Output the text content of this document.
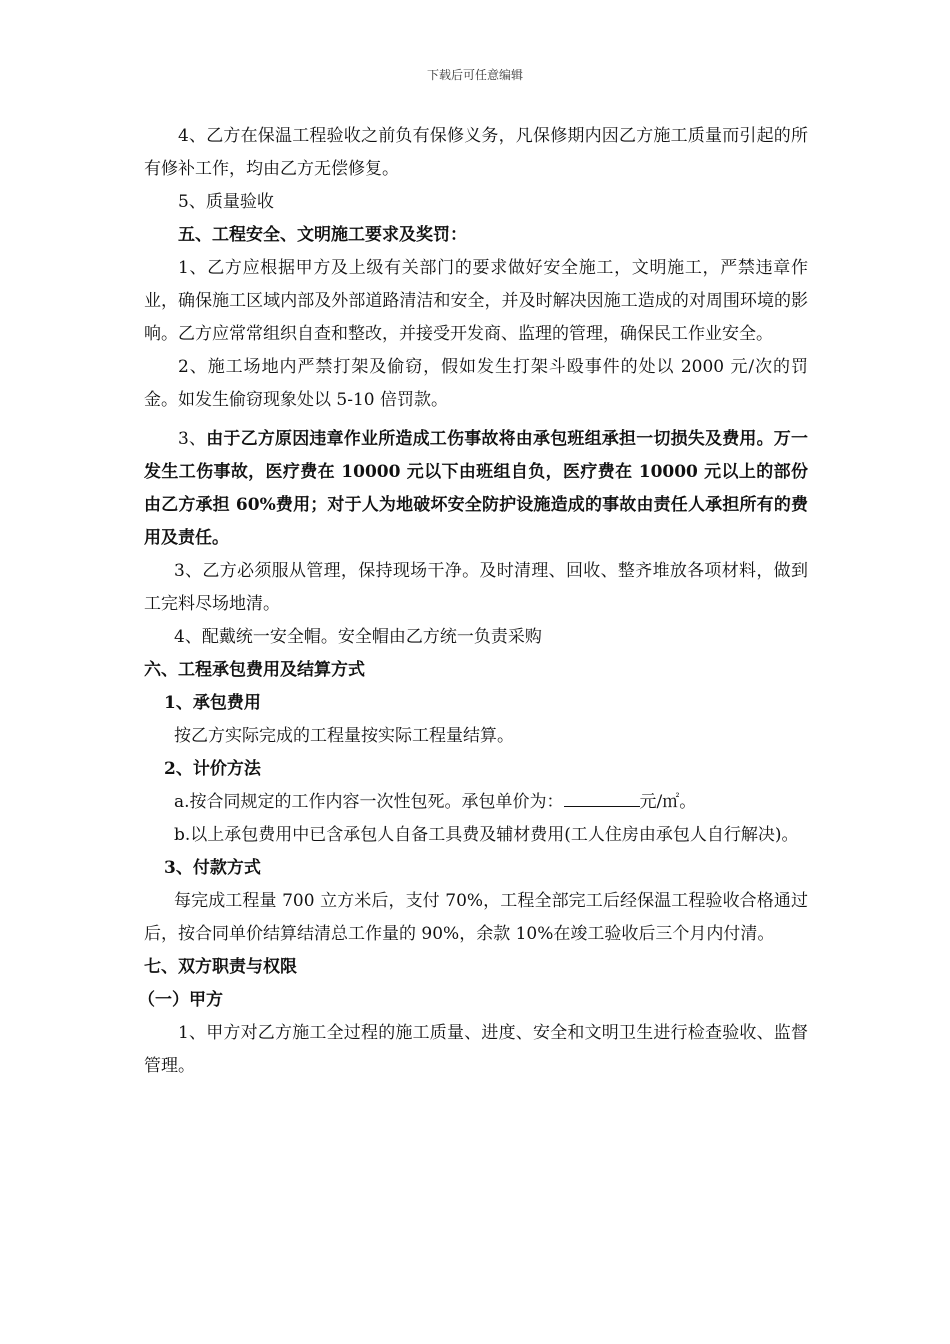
下载后可任意编辑

4、乙方在保温工程验收之前负有保修义务，凡保修期内因乙方施工质量而引起的所有修补工作，均由乙方无偿修复。

5、质量验收

五、工程安全、文明施工要求及奖罚：

1、乙方应根据甲方及上级有关部门的要求做好安全施工，文明施工，严禁违章作业，确保施工区域内部及外部道路清洁和安全，并及时解决因施工造成的对周围环境的影响。乙方应常常组织自查和整改，并接受开发商、监理的管理，确保民工作业安全。

2、施工场地内严禁打架及偷窃，假如发生打架斗殴事件的处以 2000 元/次的罚金。如发生偷窃现象处以 5-10 倍罚款。

3、由于乙方原因违章作业所造成工伤事故将由承包班组承担一切损失及费用。万一发生工伤事故，医疗费在 10000 元以下由班组自负，医疗费在 10000 元以上的部份由乙方承担 60%费用；对于人为地破坏安全防护设施造成的事故由责任人承担所有的费用及责任。

3、乙方必须服从管理，保持现场干净。及时清理、回收、整齐堆放各项材料，做到工完料尽场地清。

4、配戴统一安全帽。安全帽由乙方统一负责采购

六、工程承包费用及结算方式

1、承包费用

按乙方实际完成的工程量按实际工程量结算。

2、计价方法

a.按合同规定的工作内容一次性包死。承包单价为：	元/㎡。

b.以上承包费用中已含承包人自备工具费及辅材费用(工人住房由承包人自行解决)。

3、付款方式

每完成工程量 700 立方米后，支付 70%，工程全部完工后经保温工程验收合格通过后，按合同单价结算结清总工作量的 90%，余款 10%在竣工验收后三个月内付清。

七、双方职责与权限

（一）甲方

1、甲方对乙方施工全过程的施工质量、进度、安全和文明卫生进行检查验收、监督管理。
